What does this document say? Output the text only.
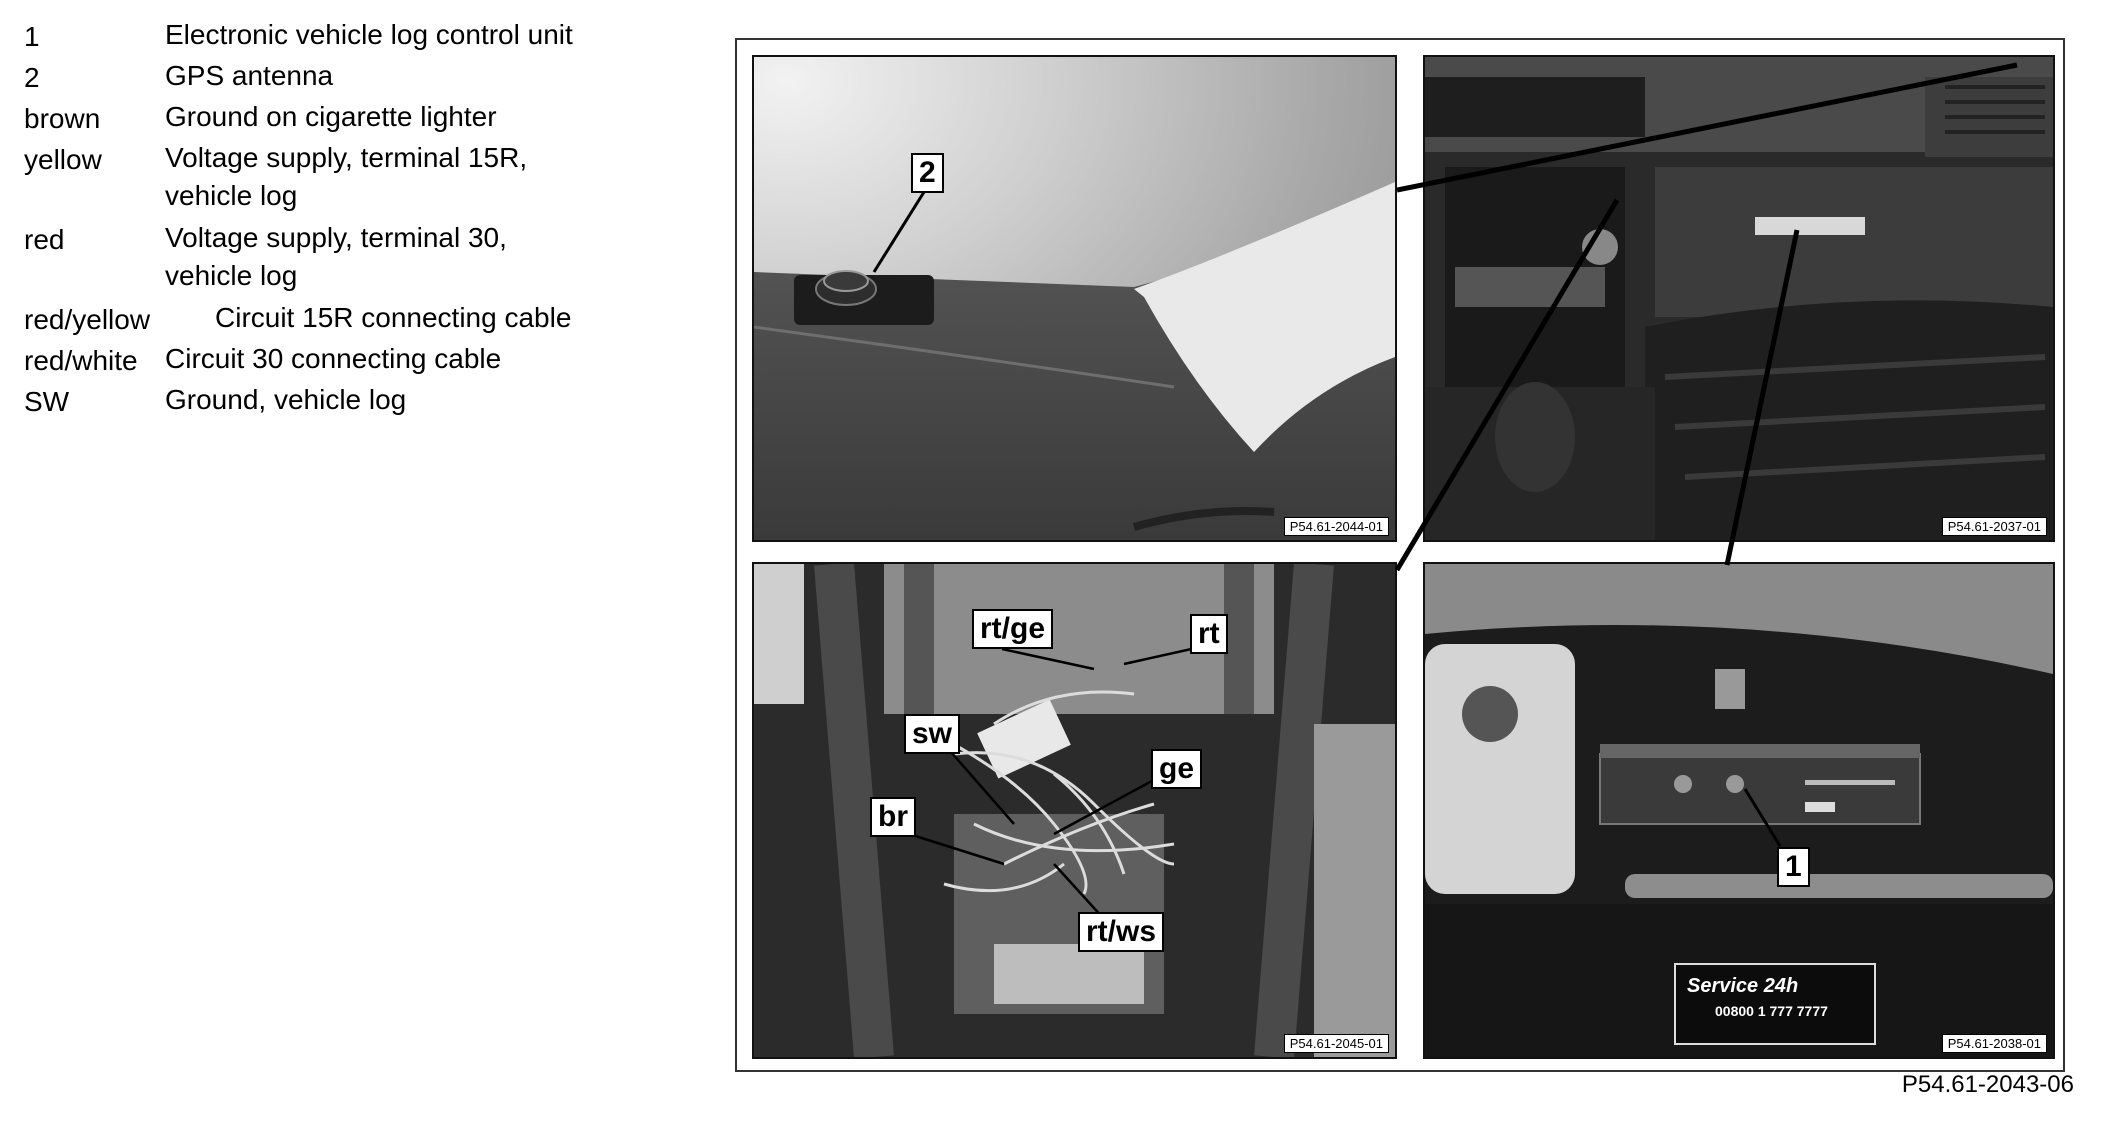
1	Electronic vehicle log control unit
2	GPS antenna
brown Ground on cigarette lighter
yellow Voltage supply, terminal 15R,
vehicle log
red	Voltage supply, terminal 30,
vehicle log
red/yellow Circuit 15R connecting cable
red/white Circuit 30 connecting cable
SW	Ground, vehicle log
2
P54.61-2044-01	P54.61-2037-01
rt/ge	rt
sw
ge
br
rt/ws
P54.61-2045-01
Service 24h
00800 1 777 7777
1
P54.61-2038-01
P54.61-2043-06
